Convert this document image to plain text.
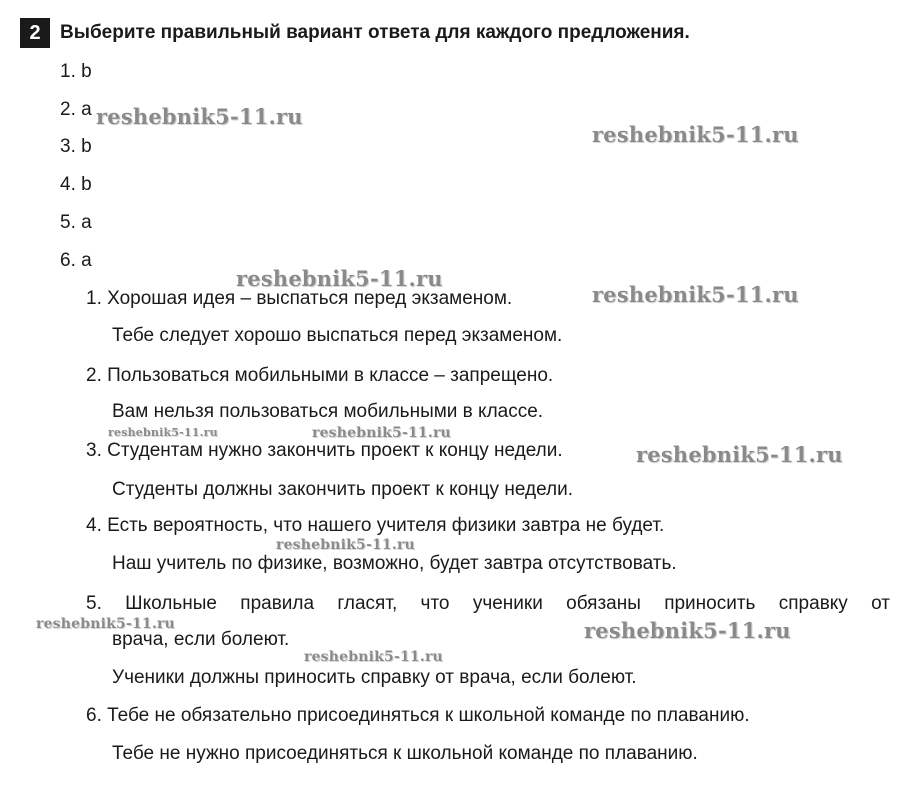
2	Выберите правильный вариант ответа для каждого предложения.
1. b
2. a
3. b
4. b
5. a
6. a
1. Хорошая идея – выспаться перед экзаменом.
Тебе следует хорошо выспаться перед экзаменом.
2. Пользоваться мобильными в классе – запрещено.
Вам нельзя пользоваться мобильными в классе.
3. Студентам нужно закончить проект к концу недели.
Студенты должны закончить проект к концу недели.
4. Есть вероятность, что нашего учителя физики завтра не будет.
Наш учитель по физике, возможно, будет завтра отсутствовать.
5. Школьные правила гласят, что ученики обязаны приносить справку от
врача, если болеют.
Ученики должны приносить справку от врача, если болеют.
6. Тебе не обязательно присоединяться к школьной команде по плаванию.
Тебе не нужно присоединяться к школьной команде по плаванию.
reshebnik5-11.ru
reshebnik5-11.ru
reshebnik5-11.ru
reshebnik5-11.ru
reshebnik5-11.ru	reshebnik5-11.ru
reshebnik5-11.ru
reshebnik5-11.ru
reshebnik5-11.ru	reshebnik5-11.ru
reshebnik5-11.ru
